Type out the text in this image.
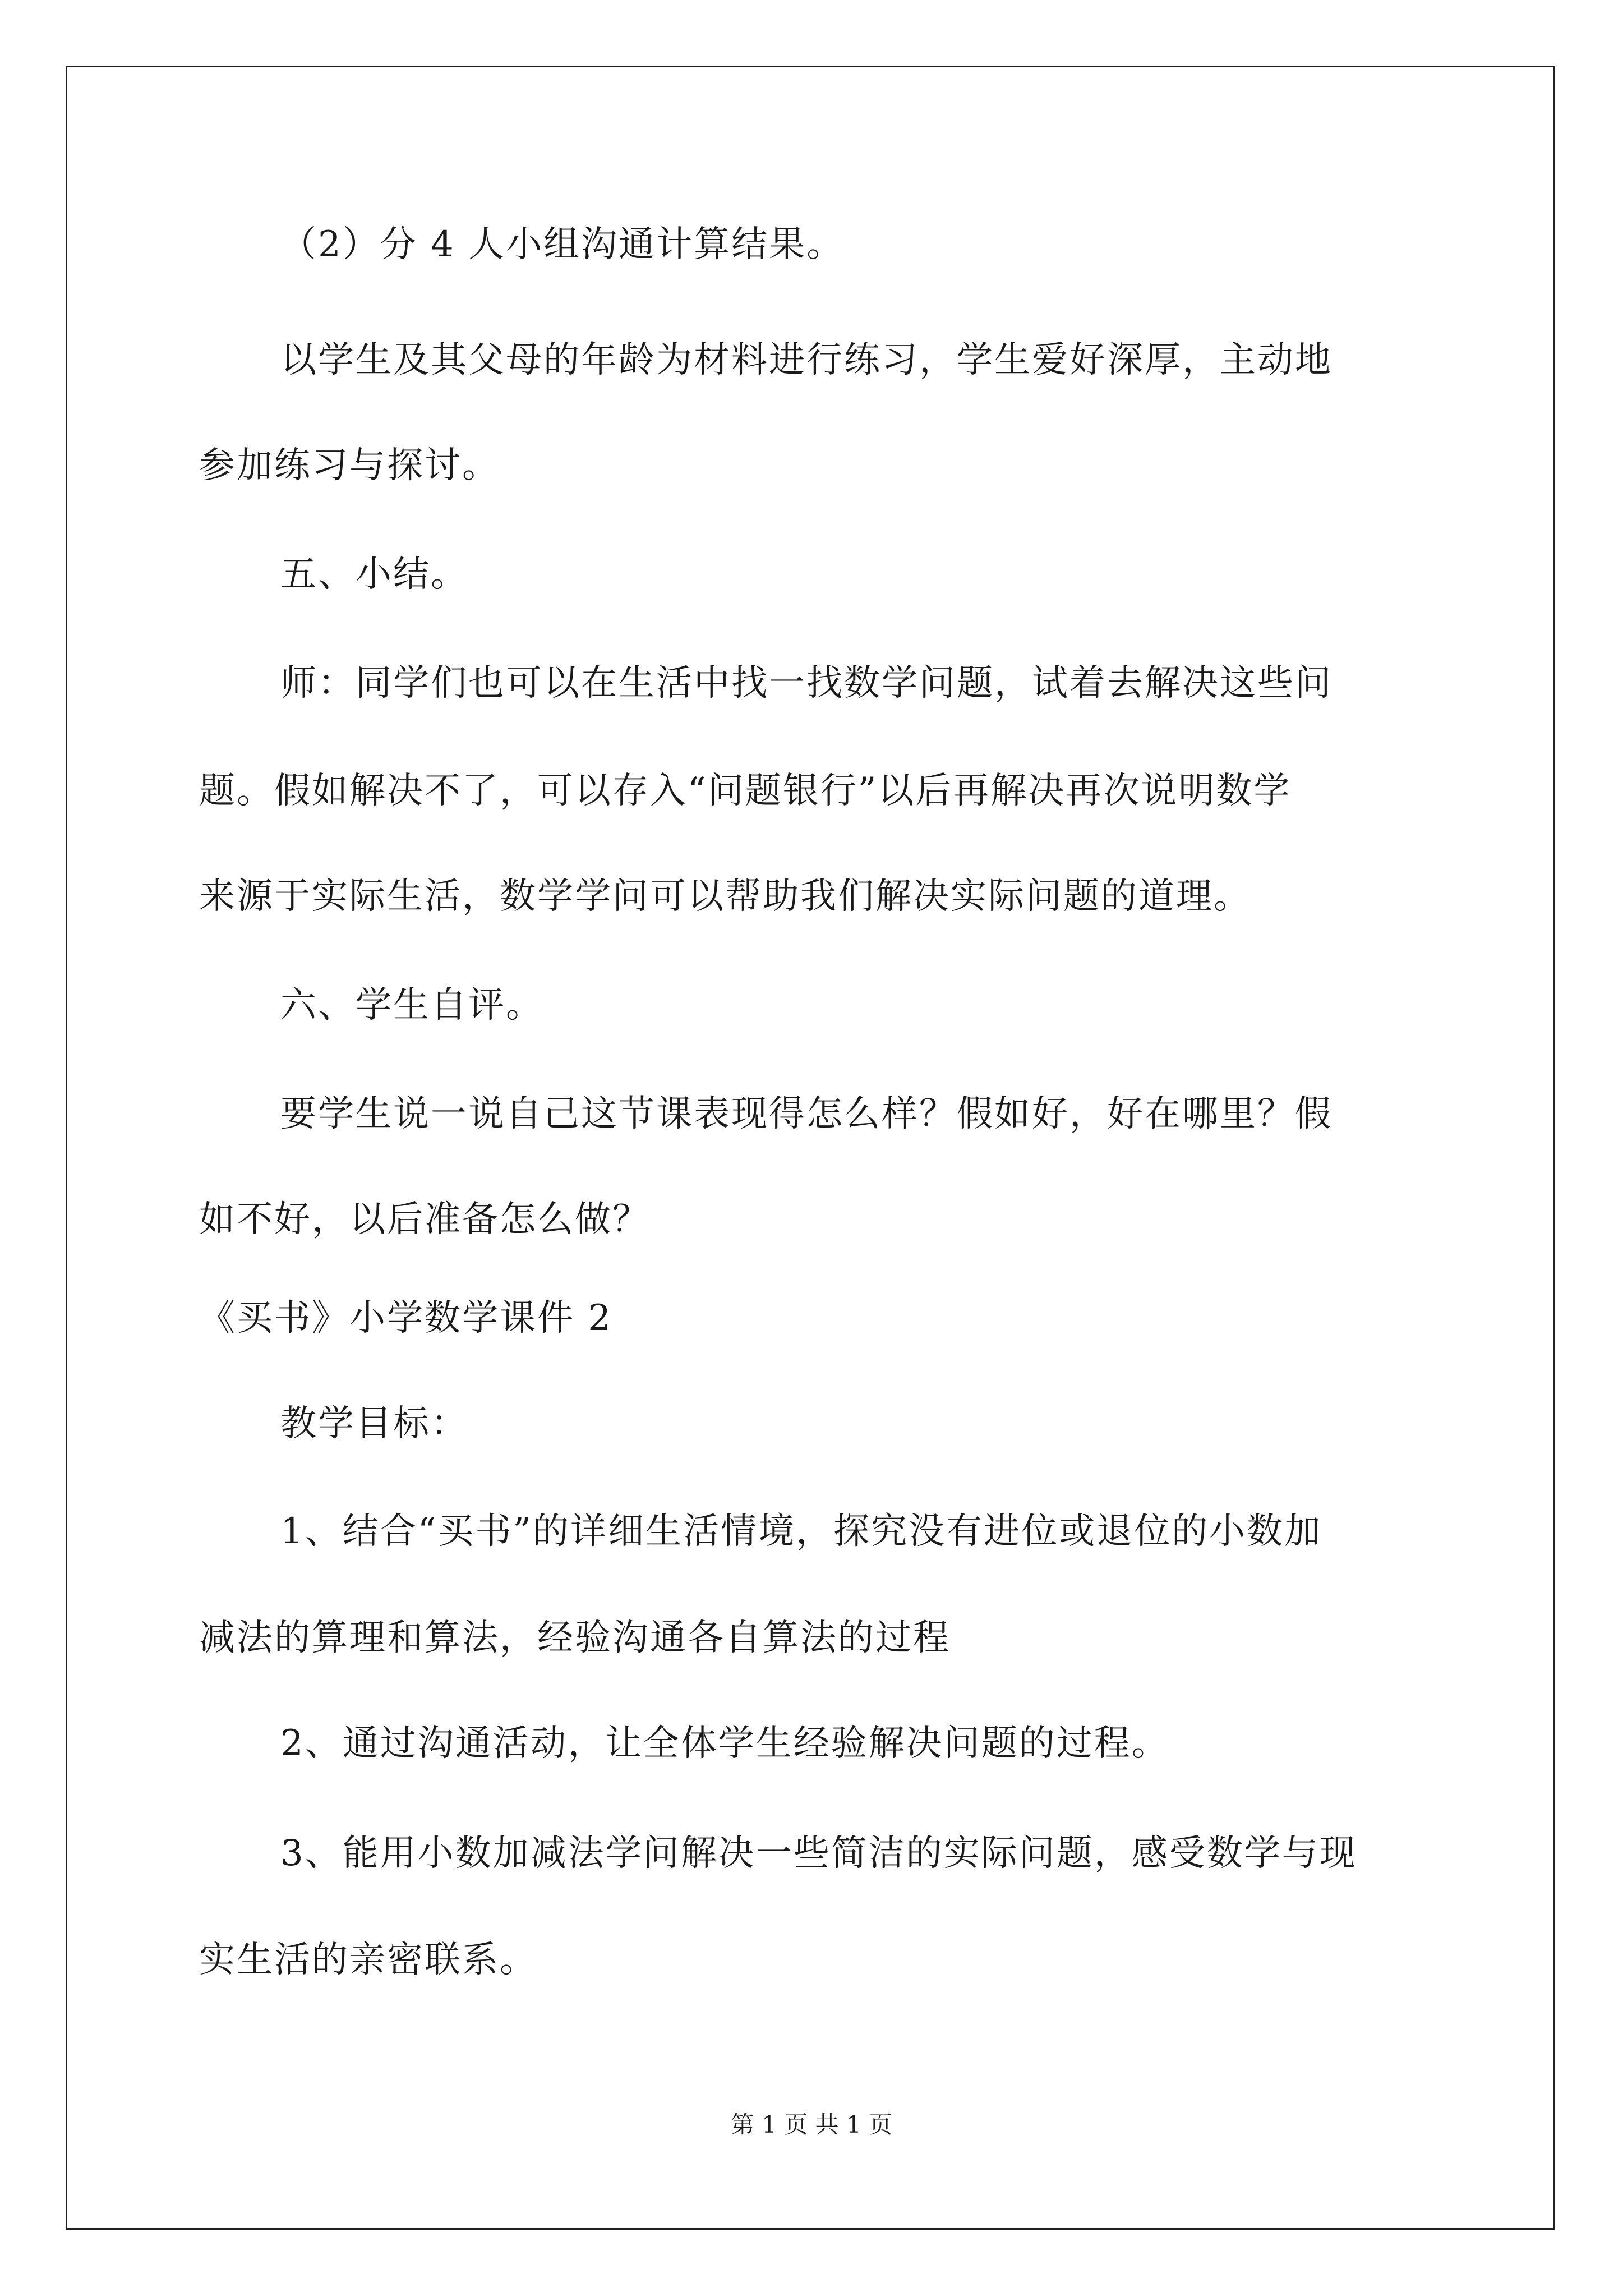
（2）分 4 人小组沟通计算结果。
以学生及其父母的年龄为材料进行练习，学生爱好深厚，主动地
参加练习与探讨。
五、小结。
师：同学们也可以在生活中找一找数学问题，试着去解决这些问
题。假如解决不了，可以存入“问题银行”以后再解决再次说明数学
来源于实际生活，数学学问可以帮助我们解决实际问题的道理。
六、学生自评。
要学生说一说自己这节课表现得怎么样？假如好，好在哪里？假
如不好，以后准备怎么做？
《买书》小学数学课件 2
教学目标：
1、结合“买书”的详细生活情境，探究没有进位或退位的小数加
减法的算理和算法，经验沟通各自算法的过程
2、通过沟通活动，让全体学生经验解决问题的过程。
3、能用小数加减法学问解决一些简洁的实际问题，感受数学与现
实生活的亲密联系。
第 1 页 共 1 页
